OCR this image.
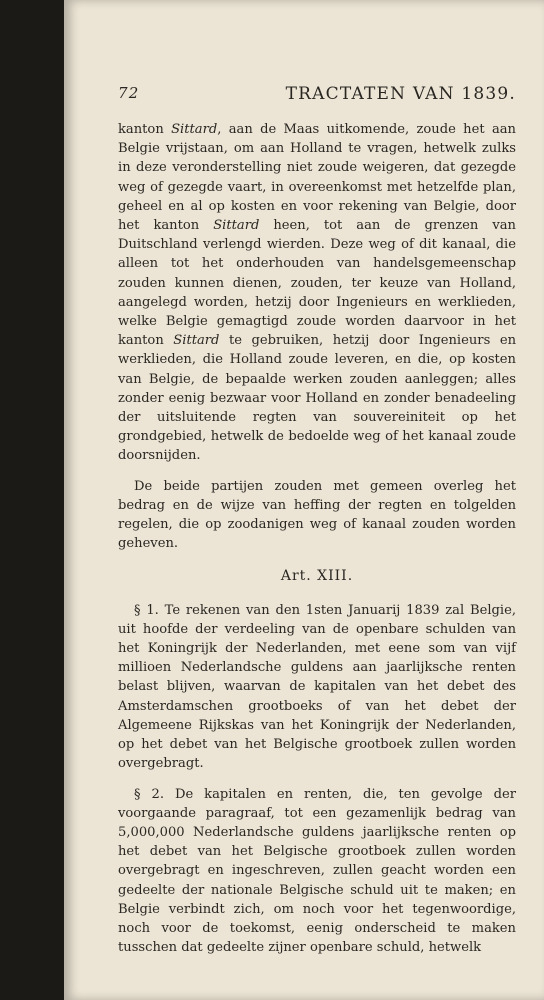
72	TRACTATEN VAN 1839.

kanton Sittard, aan de Maas uitkomende, zoude het aan Belgie vrijstaan, om aan Holland te vragen, hetwelk zulks in deze veronderstelling niet zoude weigeren, dat gezegde weg of gezegde vaart, in overeenkomst met hetzelfde plan, geheel en al op kosten en voor rekening van Belgie, door het kanton Sittard heen, tot aan de grenzen van Duitschland verlengd wierden. Deze weg of dit kanaal, die alleen tot het onderhouden van handelsgemeenschap zouden kunnen dienen, zouden, ter keuze van Holland, aangelegd worden, hetzij door Ingenieurs en werklieden, welke Belgie gemagtigd zoude worden daarvoor in het kanton Sittard te gebruiken, hetzij door Ingenieurs en werklieden, die Holland zoude leveren, en die, op kosten van Belgie, de bepaalde werken zouden aanleggen; alles zonder eenig bezwaar voor Holland en zonder benadeeling der uitsluitende regten van souvereiniteit op het grondgebied, hetwelk de bedoelde weg of het kanaal zoude doorsnijden.

De beide partijen zouden met gemeen overleg het bedrag en de wijze van heffing der regten en tolgelden regelen, die op zoodanigen weg of kanaal zouden worden geheven.

Art. XIII.

§ 1. Te rekenen van den 1sten Januarij 1839 zal Belgie, uit hoofde der verdeeling van de openbare schulden van het Koningrijk der Nederlanden, met eene som van vijf millioen Nederlandsche guldens aan jaarlijksche renten belast blijven, waarvan de kapitalen van het debet des Amsterdamschen grootboeks of van het debet der Algemeene Rijkskas van het Koningrijk der Nederlanden, op het debet van het Belgische grootboek zullen worden overgebragt.

§ 2. De kapitalen en renten, die, ten gevolge der voorgaande paragraaf, tot een gezamenlijk bedrag van 5,000,000 Nederlandsche guldens jaarlijksche renten op het debet van het Belgische grootboek zullen worden overgebragt en ingeschreven, zullen geacht worden een gedeelte der nationale Belgische schuld uit te maken; en Belgie verbindt zich, om noch voor het tegenwoordige, noch voor de toekomst, eenig onderscheid te maken tusschen dat gedeelte zijner openbare schuld, hetwelk
